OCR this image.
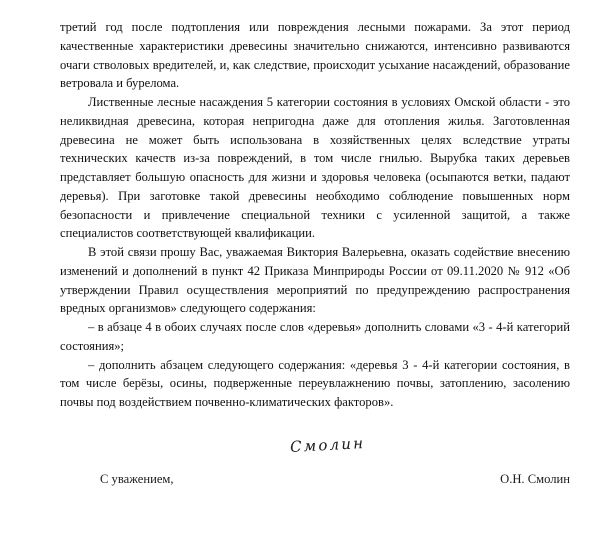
третий год после подтопления или повреждения лесными пожарами. За этот период качественные характеристики древесины значительно снижаются, интенсивно развиваются очаги стволовых вредителей, и, как следствие, происходит усыхание насаждений, образование ветровала и бурелома.

Лиственные лесные насаждения 5 категории состояния в условиях Омской области - это неликвидная древесина, которая непригодна даже для отопления жилья. Заготовленная древесина не может быть использована в хозяйственных целях вследствие утраты технических качеств из-за повреждений, в том числе гнилью. Вырубка таких деревьев представляет большую опасность для жизни и здоровья человека (осыпаются ветки, падают деревья). При заготовке такой древесины необходимо соблюдение повышенных норм безопасности и привлечение специальной техники с усиленной защитой, а также специалистов соответствующей квалификации.

В этой связи прошу Вас, уважаемая Виктория Валерьевна, оказать содействие внесению изменений и дополнений в пункт 42 Приказа Минприроды России от 09.11.2020 № 912 «Об утверждении Правил осуществления мероприятий по предупреждению распространения вредных организмов» следующего содержания:

– в абзаце 4 в обоих случаях после слов «деревья» дополнить словами «3 - 4-й категорий состояния»;

– дополнить абзацем следующего содержания: «деревья 3 - 4-й категории состояния, в том числе берёзы, осины, подверженные переувлажнению почвы, затоплению, засолению почвы под воздействием почвенно-климатических факторов».

Смолин
С уважением,	О.Н. Смолин
